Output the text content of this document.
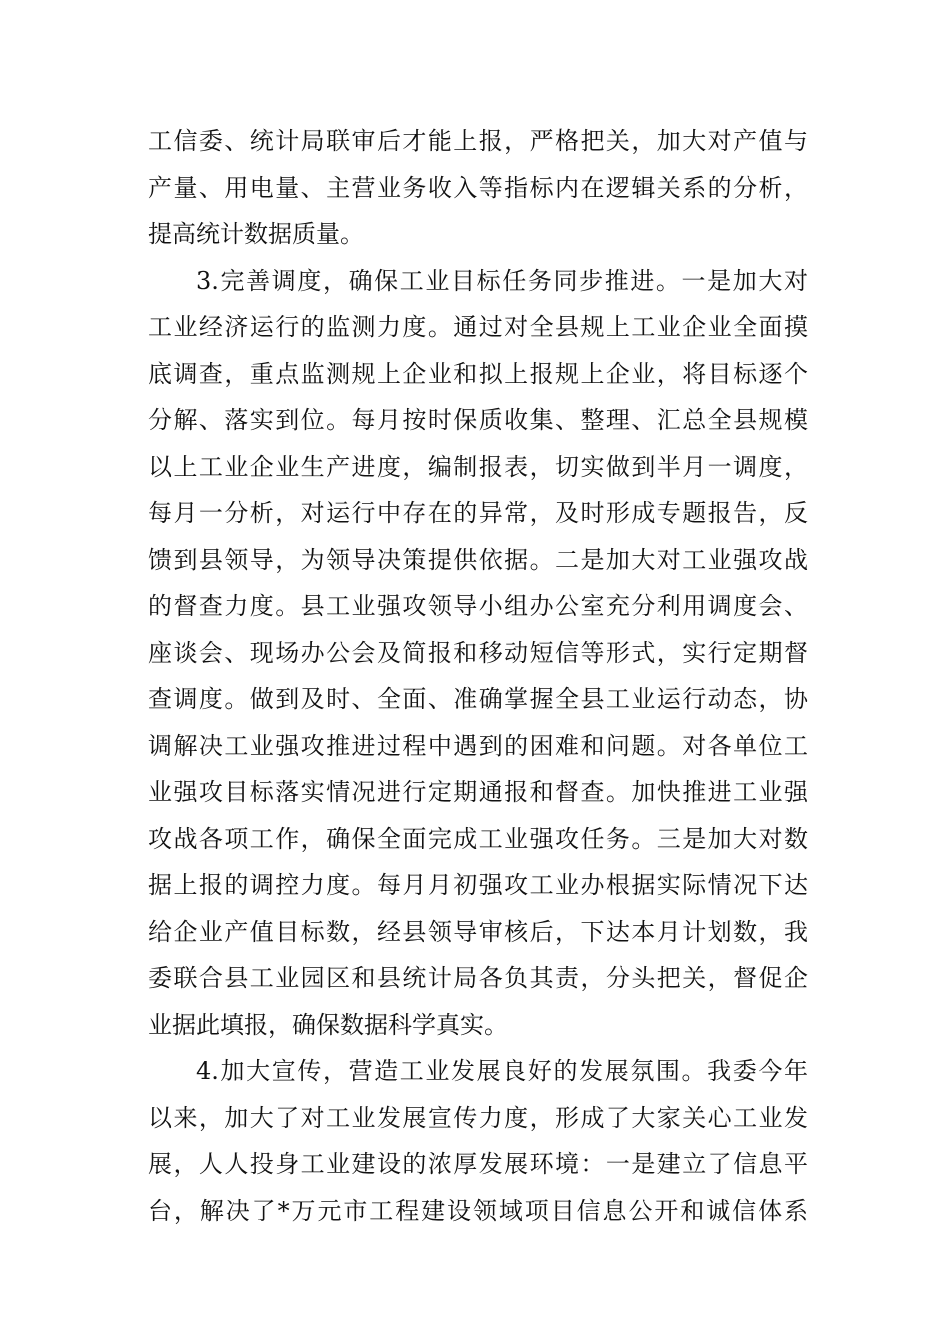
工信委、统计局联审后才能上报，严格把关，加大对产值与
产量、用电量、主营业务收入等指标内在逻辑关系的分析，
提高统计数据质量。
3.完善调度，确保工业目标任务同步推进。一是加大对
工业经济运行的监测力度。通过对全县规上工业企业全面摸
底调查，重点监测规上企业和拟上报规上企业，将目标逐个
分解、落实到位。每月按时保质收集、整理、汇总全县规模
以上工业企业生产进度，编制报表，切实做到半月一调度，
每月一分析，对运行中存在的异常，及时形成专题报告，反
馈到县领导，为领导决策提供依据。二是加大对工业强攻战
的督查力度。县工业强攻领导小组办公室充分利用调度会、
座谈会、现场办公会及简报和移动短信等形式，实行定期督
查调度。做到及时、全面、准确掌握全县工业运行动态，协
调解决工业强攻推进过程中遇到的困难和问题。对各单位工
业强攻目标落实情况进行定期通报和督查。加快推进工业强
攻战各项工作，确保全面完成工业强攻任务。三是加大对数
据上报的调控力度。每月月初强攻工业办根据实际情况下达
给企业产值目标数，经县领导审核后，下达本月计划数，我
委联合县工业园区和县统计局各负其责，分头把关，督促企
业据此填报，确保数据科学真实。
4.加大宣传，营造工业发展良好的发展氛围。我委今年
以来，加大了对工业发展宣传力度，形成了大家关心工业发
展，人人投身工业建设的浓厚发展环境：一是建立了信息平
台，解决了*万元市工程建设领域项目信息公开和诚信体系
